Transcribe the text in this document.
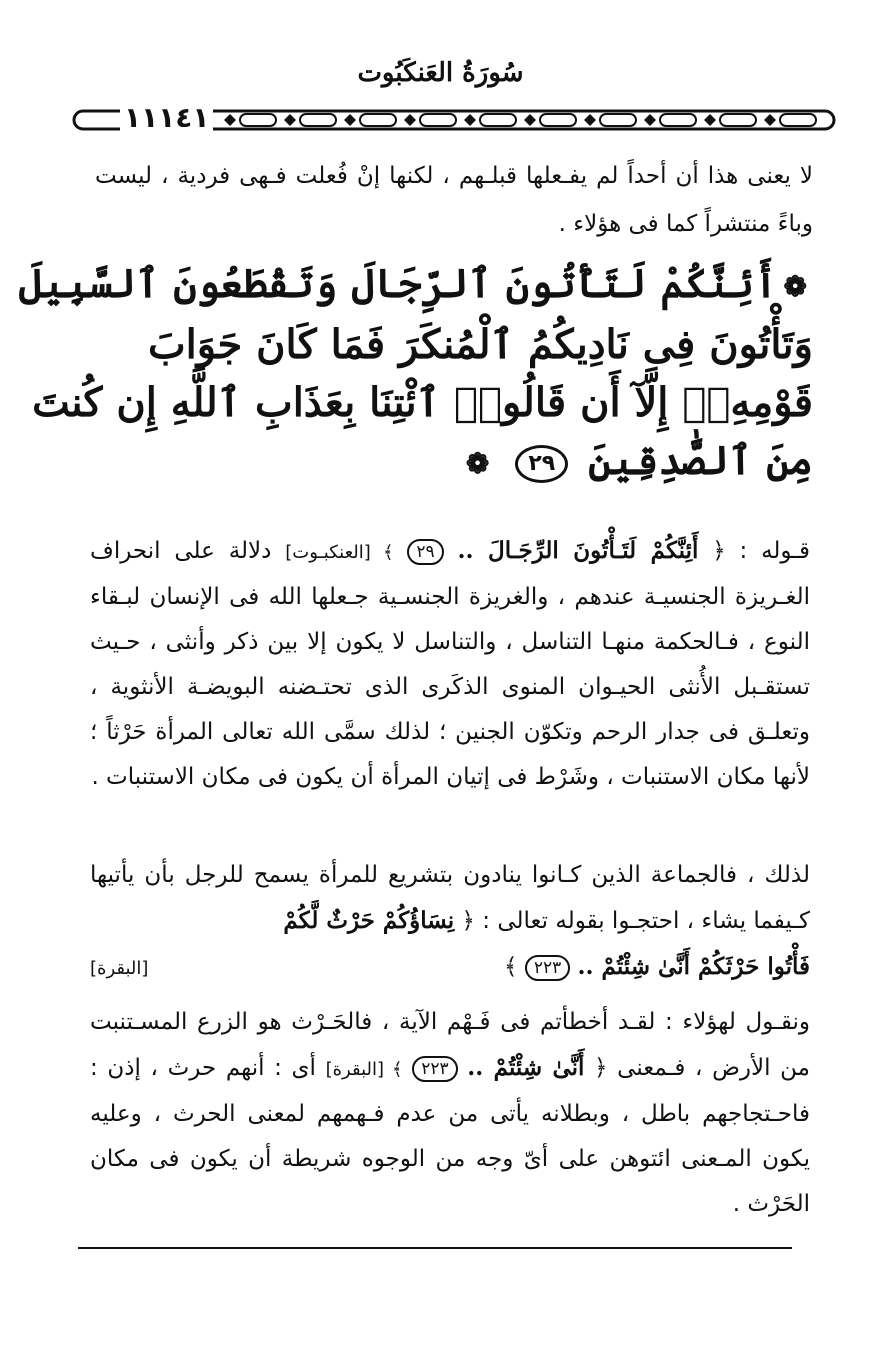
سُورَةُ العَنكَبُوت
١١١٤١
لا يعنى هذا أن أحداً لم يفـعلها قبلـهم ، لكنها إنْ فُعلت فـهى فردية ، ليست وباءً منتشراً كما فى هؤلاء .
❁أَئِنَّكُمْ لَتَأْتُونَ ٱلرِّجَالَ وَتَقْطَعُونَ ٱلسَّبِيلَ
وَتَأْتُونَ فِى نَادِيكُمُ ٱلْمُنكَرَ فَمَا كَانَ جَوَابَ
قَوْمِهِۦٓ إِلَّآ أَن قَالُوا۟ ٱئْتِنَا بِعَذَابِ ٱللَّهِ إِن كُنتَ
مِنَ ٱلصَّٰدِقِينَ ٢٩ ❁
قـوله : ﴿ أَئِنَّكُمْ لَتَـأْتُونَ الرِّجَـالَ .. ٢٩ ﴾ [العنكبـوت] دلالة على انحراف الغـريزة الجنسيـة عندهم ، والغريزة الجنسـية جـعلها الله فى الإنسان لبـقاء النوع ، فـالحكمة منهـا التناسل ، والتناسل لا يكون إلا بين ذكر وأنثى ، حـيث تستقـبل الأُنثى الحيـوان المنوى الذكَرى الذى تحتـضنه البويضـة الأنثوية ، وتعلـق فى جدار الرحم وتكوّن الجنين ؛ لذلك سمَّى الله تعالى المرأة حَرْثاً ؛ لأنها مكان الاستنبات ، وشَرْط فى إتيان المرأة أن يكون فى مكان الاستنبات .
لذلك ، فالجماعة الذين كـانوا ينادون بتشريع للمرأة يسمح للرجل بأن يأتيها كـيفما يشاء ، احتجـوا بقوله تعالى : ﴿ نِسَاؤُكُمْ حَرْثٌ لَّكُمْ
فَأْتُوا حَرْثَكُمْ أَنَّىٰ شِئْتُمْ .. ٢٢٣ ﴾
[البقرة]
ونقـول لهؤلاء : لقـد أخطأتم فى فَـهْم الآية ، فالحَـرْث هو الزرع المسـتنبت من الأرض ، فـمعنى ﴿ أَنَّىٰ شِئْتُمْ .. ٢٢٣ ﴾ [البقرة] أى : أنهم حرث ، إذن : فاحـتجاجهم باطل ، وبطلانه يأتى من عدم فـهمهم لمعنى الحرث ، وعليه يكون المـعنى ائتوهن على أىّ وجه من الوجوه شريطة أن يكون فى مكان الحَرْث .
